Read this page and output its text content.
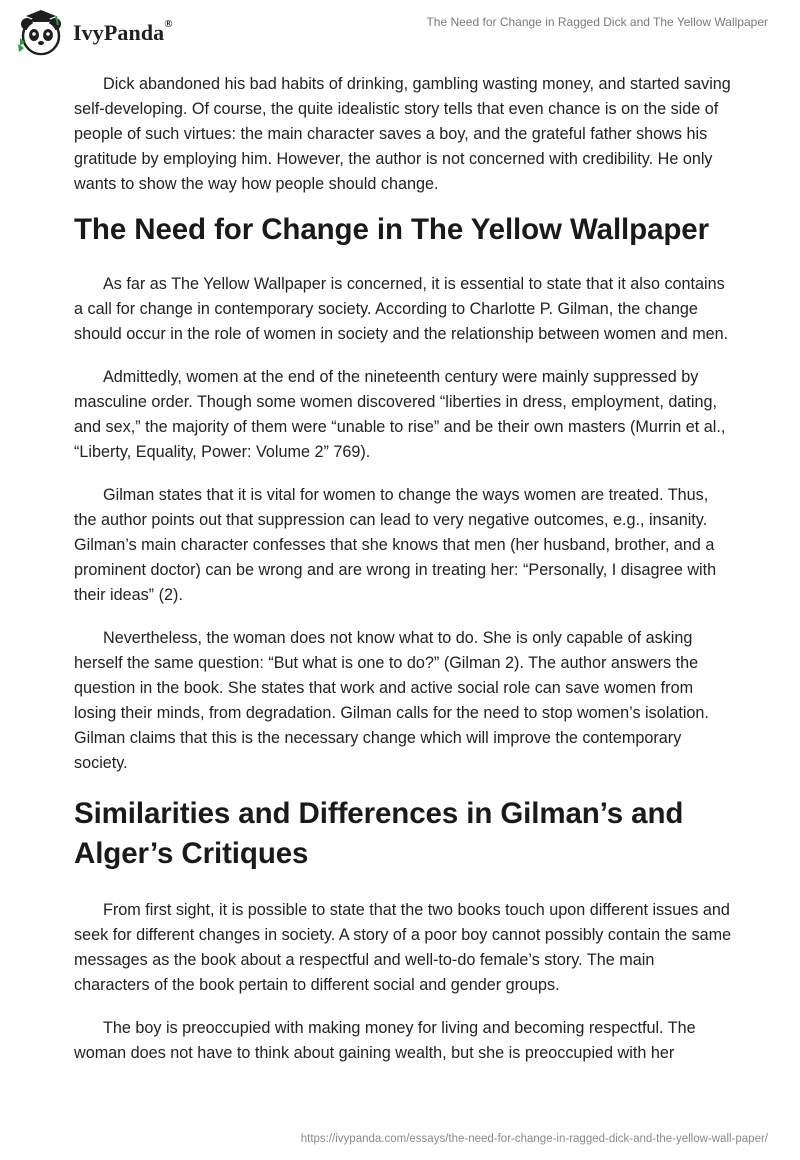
IvyPanda®	The Need for Change in Ragged Dick and The Yellow Wallpaper

Dick abandoned his bad habits of drinking, gambling wasting money, and started saving self-developing. Of course, the quite idealistic story tells that even chance is on the side of people of such virtues: the main character saves a boy, and the grateful father shows his gratitude by employing him. However, the author is not concerned with credibility. He only wants to show the way how people should change.

The Need for Change in The Yellow Wallpaper

As far as The Yellow Wallpaper is concerned, it is essential to state that it also contains a call for change in contemporary society. According to Charlotte P. Gilman, the change should occur in the role of women in society and the relationship between women and men.

Admittedly, women at the end of the nineteenth century were mainly suppressed by masculine order. Though some women discovered “liberties in dress, employment, dating, and sex,” the majority of them were “unable to rise” and be their own masters (Murrin et al., “Liberty, Equality, Power: Volume 2” 769).

Gilman states that it is vital for women to change the ways women are treated. Thus, the author points out that suppression can lead to very negative outcomes, e.g., insanity. Gilman’s main character confesses that she knows that men (her husband, brother, and a prominent doctor) can be wrong and are wrong in treating her: “Personally, I disagree with their ideas” (2).

Nevertheless, the woman does not know what to do. She is only capable of asking herself the same question: “But what is one to do?” (Gilman 2). The author answers the question in the book. She states that work and active social role can save women from losing their minds, from degradation. Gilman calls for the need to stop women’s isolation. Gilman claims that this is the necessary change which will improve the contemporary society.

Similarities and Differences in Gilman’s and Alger’s Critiques

From first sight, it is possible to state that the two books touch upon different issues and seek for different changes in society. A story of a poor boy cannot possibly contain the same messages as the book about a respectful and well-to-do female’s story. The main characters of the book pertain to different social and gender groups.

The boy is preoccupied with making money for living and becoming respectful. The woman does not have to think about gaining wealth, but she is preoccupied with her

https://ivypanda.com/essays/the-need-for-change-in-ragged-dick-and-the-yellow-wall-paper/
